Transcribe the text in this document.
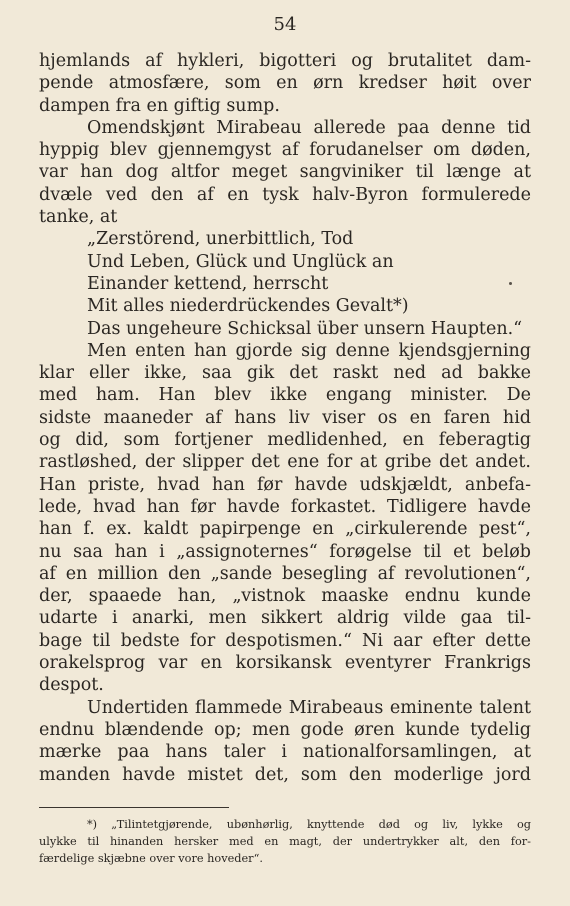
54
hjemlands af hykleri, bigotteri og brutalitet dam-
pende atmosfære, som en ørn kredser høit over
dampen fra en giftig sump.
Omendskjønt Mirabeau allerede paa denne tid
hyppig blev gjennemgyst af forudanelser om døden,
var han dog altfor meget sangviniker til længe at
dvæle ved den af en tysk halv-Byron formulerede
tanke, at
„Zerstörend, unerbittlich, Tod
Und Leben, Glück und Unglück an
Einander kettend, herrscht
Mit alles niederdrückendes Gevalt*)
Das ungeheure Schicksal über unsern Haupten.“
Men enten han gjorde sig denne kjendsgjerning
klar eller ikke, saa gik det raskt ned ad bakke
med ham. Han blev ikke engang minister. De
sidste maaneder af hans liv viser os en faren hid
og did, som fortjener medlidenhed, en feberagtig
rastløshed, der slipper det ene for at gribe det andet.
Han priste, hvad han før havde udskjældt, anbefa-
lede, hvad han før havde forkastet. Tidligere havde
han f. ex. kaldt papirpenge en „cirkulerende pest“,
nu saa han i „assignoternes“ forøgelse til et beløb
af en million den „sande besegling af revolutionen“,
der, spaaede han, „vistnok maaske endnu kunde
udarte i anarki, men sikkert aldrig vilde gaa til-
bage til bedste for despotismen.“ Ni aar efter dette
orakelsprog var en korsikansk eventyrer Frankrigs
despot.
Undertiden flammede Mirabeaus eminente talent
endnu blændende op; men gode øren kunde tydelig
mærke paa hans taler i nationalforsamlingen, at
manden havde mistet det, som den moderlige jord
*) „Tilintetgjørende, ubønhørlig, knyttende død og liv, lykke og
ulykke til hinanden hersker med en magt, der undertrykker alt, den for-
færdelige skjæbne over vore hoveder“.
